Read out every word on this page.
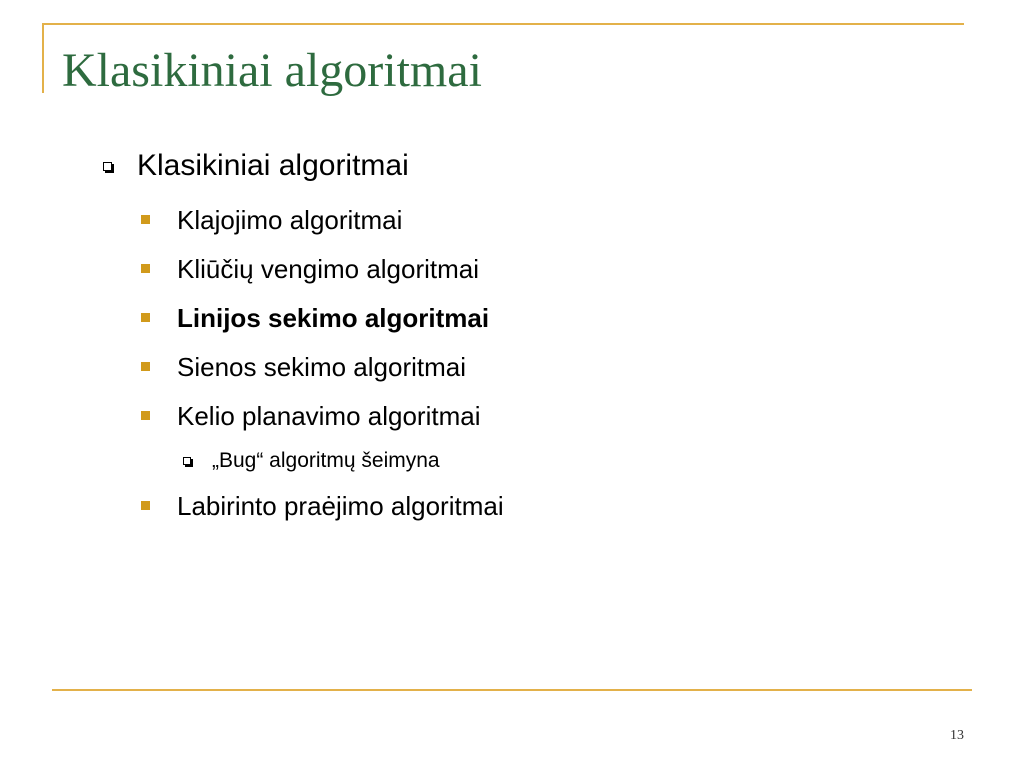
Klasikiniai algoritmai
Klasikiniai algoritmai
Klajojimo algoritmai
Kliūčių vengimo algoritmai
Linijos sekimo algoritmai
Sienos sekimo algoritmai
Kelio planavimo algoritmai
„Bug“ algoritmų šeimyna
Labirinto praėjimo algoritmai
13
